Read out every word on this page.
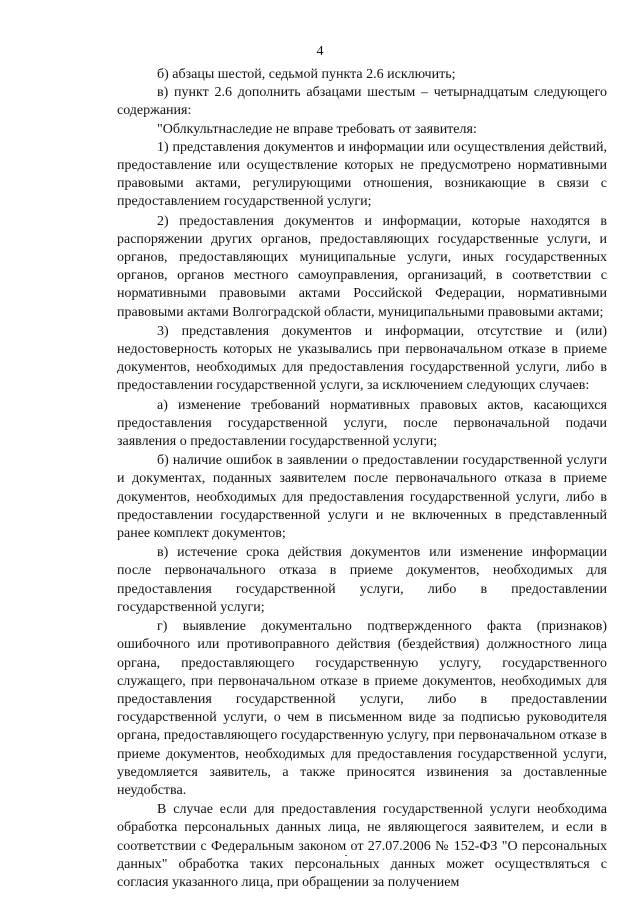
4

б) абзацы шестой, седьмой пункта 2.6 исключить;

в) пункт 2.6 дополнить абзацами шестым – четырнадцатым следующего содержания:

"Облкультнаследие не вправе требовать от заявителя:

1) представления документов и информации или осуществления действий, предоставление или осуществление которых не предусмотрено нормативными правовыми актами, регулирующими отношения, возникающие в связи с предоставлением государственной услуги;

2) предоставления документов и информации, которые находятся в распоряжении других органов, предоставляющих государственные услуги, и органов, предоставляющих муниципальные услуги, иных государственных органов, органов местного самоуправления, организаций, в соответствии с нормативными правовыми актами Российской Федерации, нормативными правовыми актами Волгоградской области, муниципальными правовыми актами;

3) представления документов и информации, отсутствие и (или) недостоверность которых не указывались при первоначальном отказе в приеме документов, необходимых для предоставления государственной услуги, либо в предоставлении государственной услуги, за исключением следующих случаев:

а) изменение требований нормативных правовых актов, касающихся предоставления государственной услуги, после первоначальной подачи заявления о предоставлении государственной услуги;

б) наличие ошибок в заявлении о предоставлении государственной услуги и документах, поданных заявителем после первоначального отказа в приеме документов, необходимых для предоставления государственной услуги, либо в предоставлении государственной услуги и не включенных в представленный ранее комплект документов;

в) истечение срока действия документов или изменение информации после первоначального отказа в приеме документов, необходимых для предоставления государственной услуги, либо в предоставлении государственной услуги;

г) выявление документально подтвержденного факта (признаков) ошибочного или противоправного действия (бездействия) должностного лица органа, предоставляющего государственную услугу, государственного служащего, при первоначальном отказе в приеме документов, необходимых для предоставления государственной услуги, либо в предоставлении государственной услуги, о чем в письменном виде за подписью руководителя органа, предоставляющего государственную услугу, при первоначальном отказе в приеме документов, необходимых для предоставления государственной услуги, уведомляется заявитель, а также приносятся извинения за доставленные неудобства.

В случае если для предоставления государственной услуги необходима обработка персональных данных лица, не являющегося заявителем, и если в соответствии с Федеральным законом от 27.07.2006 № 152-ФЗ "О персональных данных" обработка таких персональных данных может осуществляться с согласия указанного лица, при обращении за получением
